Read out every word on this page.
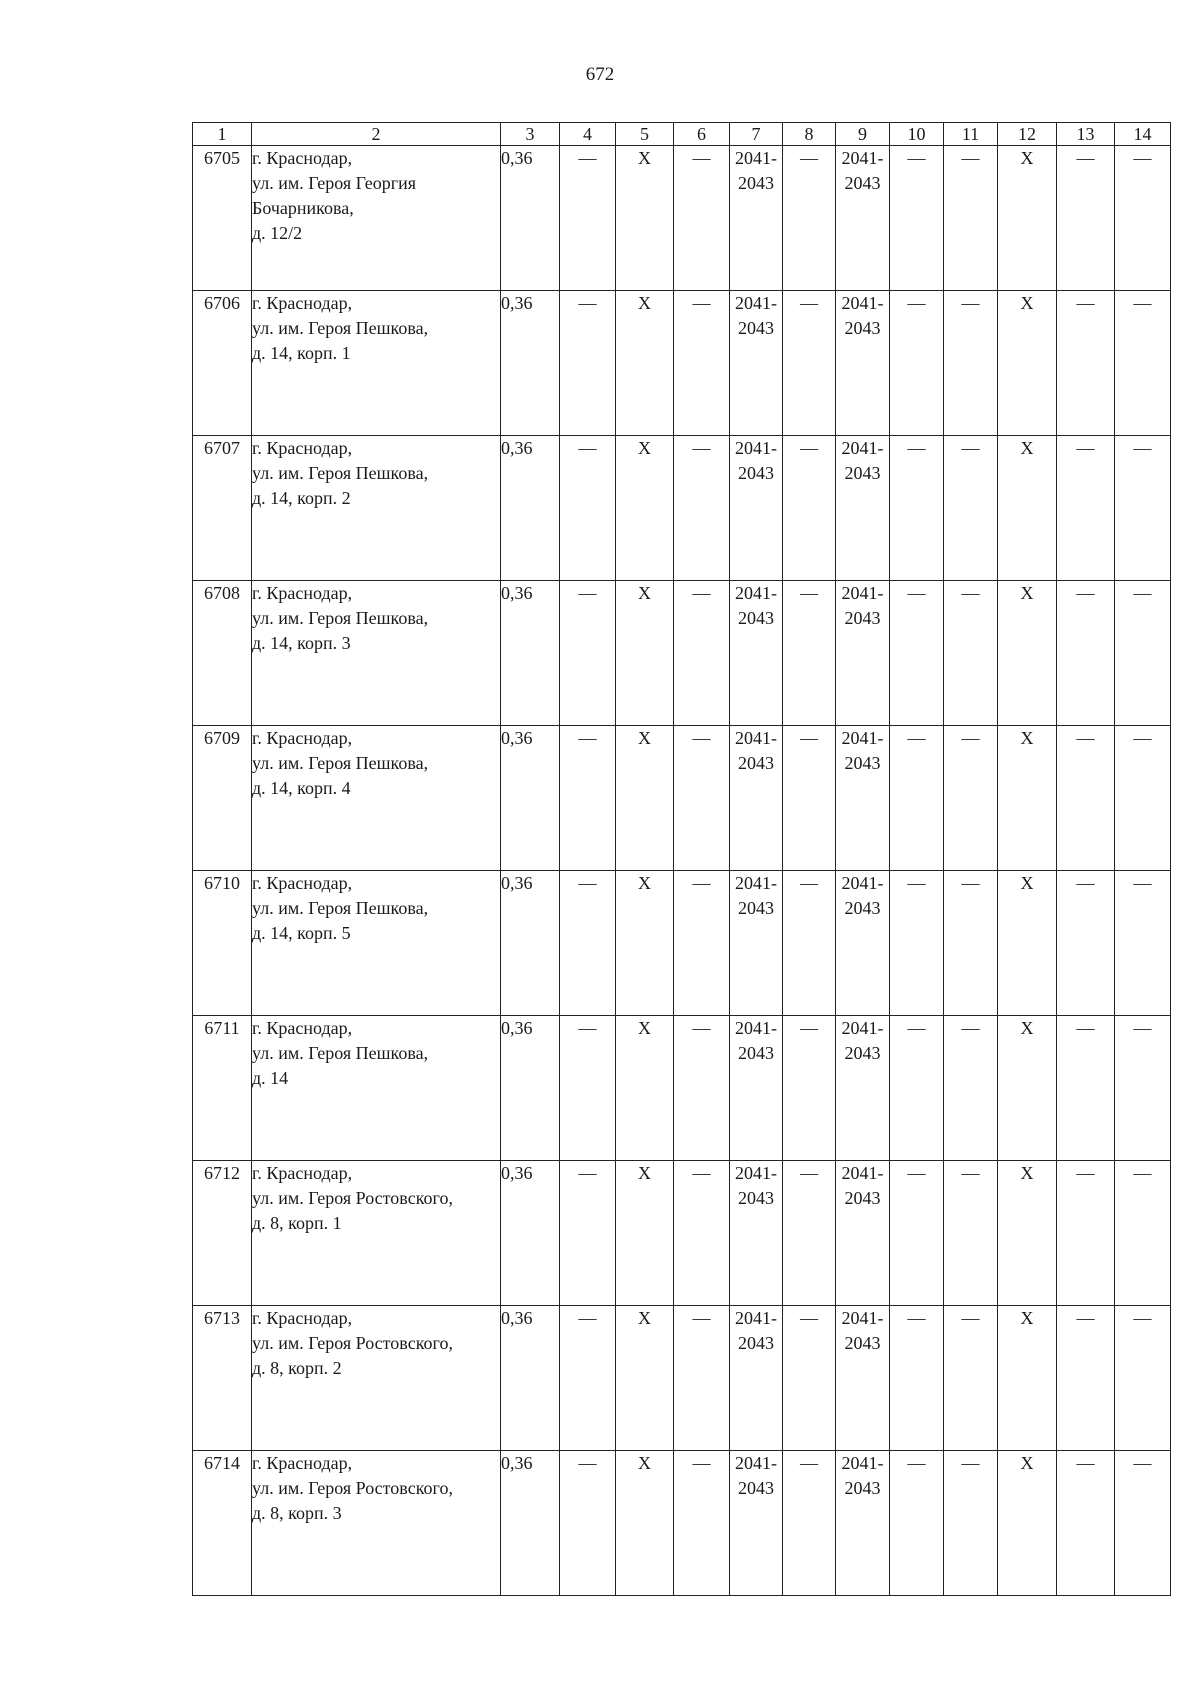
672
1	2	3	4	5	6	7	8	9	10	11	12	13	14
6705	г. Краснодар,
ул. им. Героя Георгия
Бочарникова,
д. 12/2	0,36	—	X	—	2041-
2043	—	2041-
2043	—	—	X	—	—
6706	г. Краснодар,
ул. им. Героя Пешкова,
д. 14, корп. 1	0,36	—	X	—	2041-
2043	—	2041-
2043	—	—	X	—	—
6707	г. Краснодар,
ул. им. Героя Пешкова,
д. 14, корп. 2	0,36	—	X	—	2041-
2043	—	2041-
2043	—	—	X	—	—
6708	г. Краснодар,
ул. им. Героя Пешкова,
д. 14, корп. 3	0,36	—	X	—	2041-
2043	—	2041-
2043	—	—	X	—	—
6709	г. Краснодар,
ул. им. Героя Пешкова,
д. 14, корп. 4	0,36	—	X	—	2041-
2043	—	2041-
2043	—	—	X	—	—
6710	г. Краснодар,
ул. им. Героя Пешкова,
д. 14, корп. 5	0,36	—	X	—	2041-
2043	—	2041-
2043	—	—	X	—	—
6711	г. Краснодар,
ул. им. Героя Пешкова,
д. 14	0,36	—	X	—	2041-
2043	—	2041-
2043	—	—	X	—	—
6712	г. Краснодар,
ул. им. Героя Ростовского,
д. 8, корп. 1	0,36	—	X	—	2041-
2043	—	2041-
2043	—	—	X	—	—
6713	г. Краснодар,
ул. им. Героя Ростовского,
д. 8, корп. 2	0,36	—	X	—	2041-
2043	—	2041-
2043	—	—	X	—	—
6714	г. Краснодар,
ул. им. Героя Ростовского,
д. 8, корп. 3	0,36	—	X	—	2041-
2043	—	2041-
2043	—	—	X	—	—
